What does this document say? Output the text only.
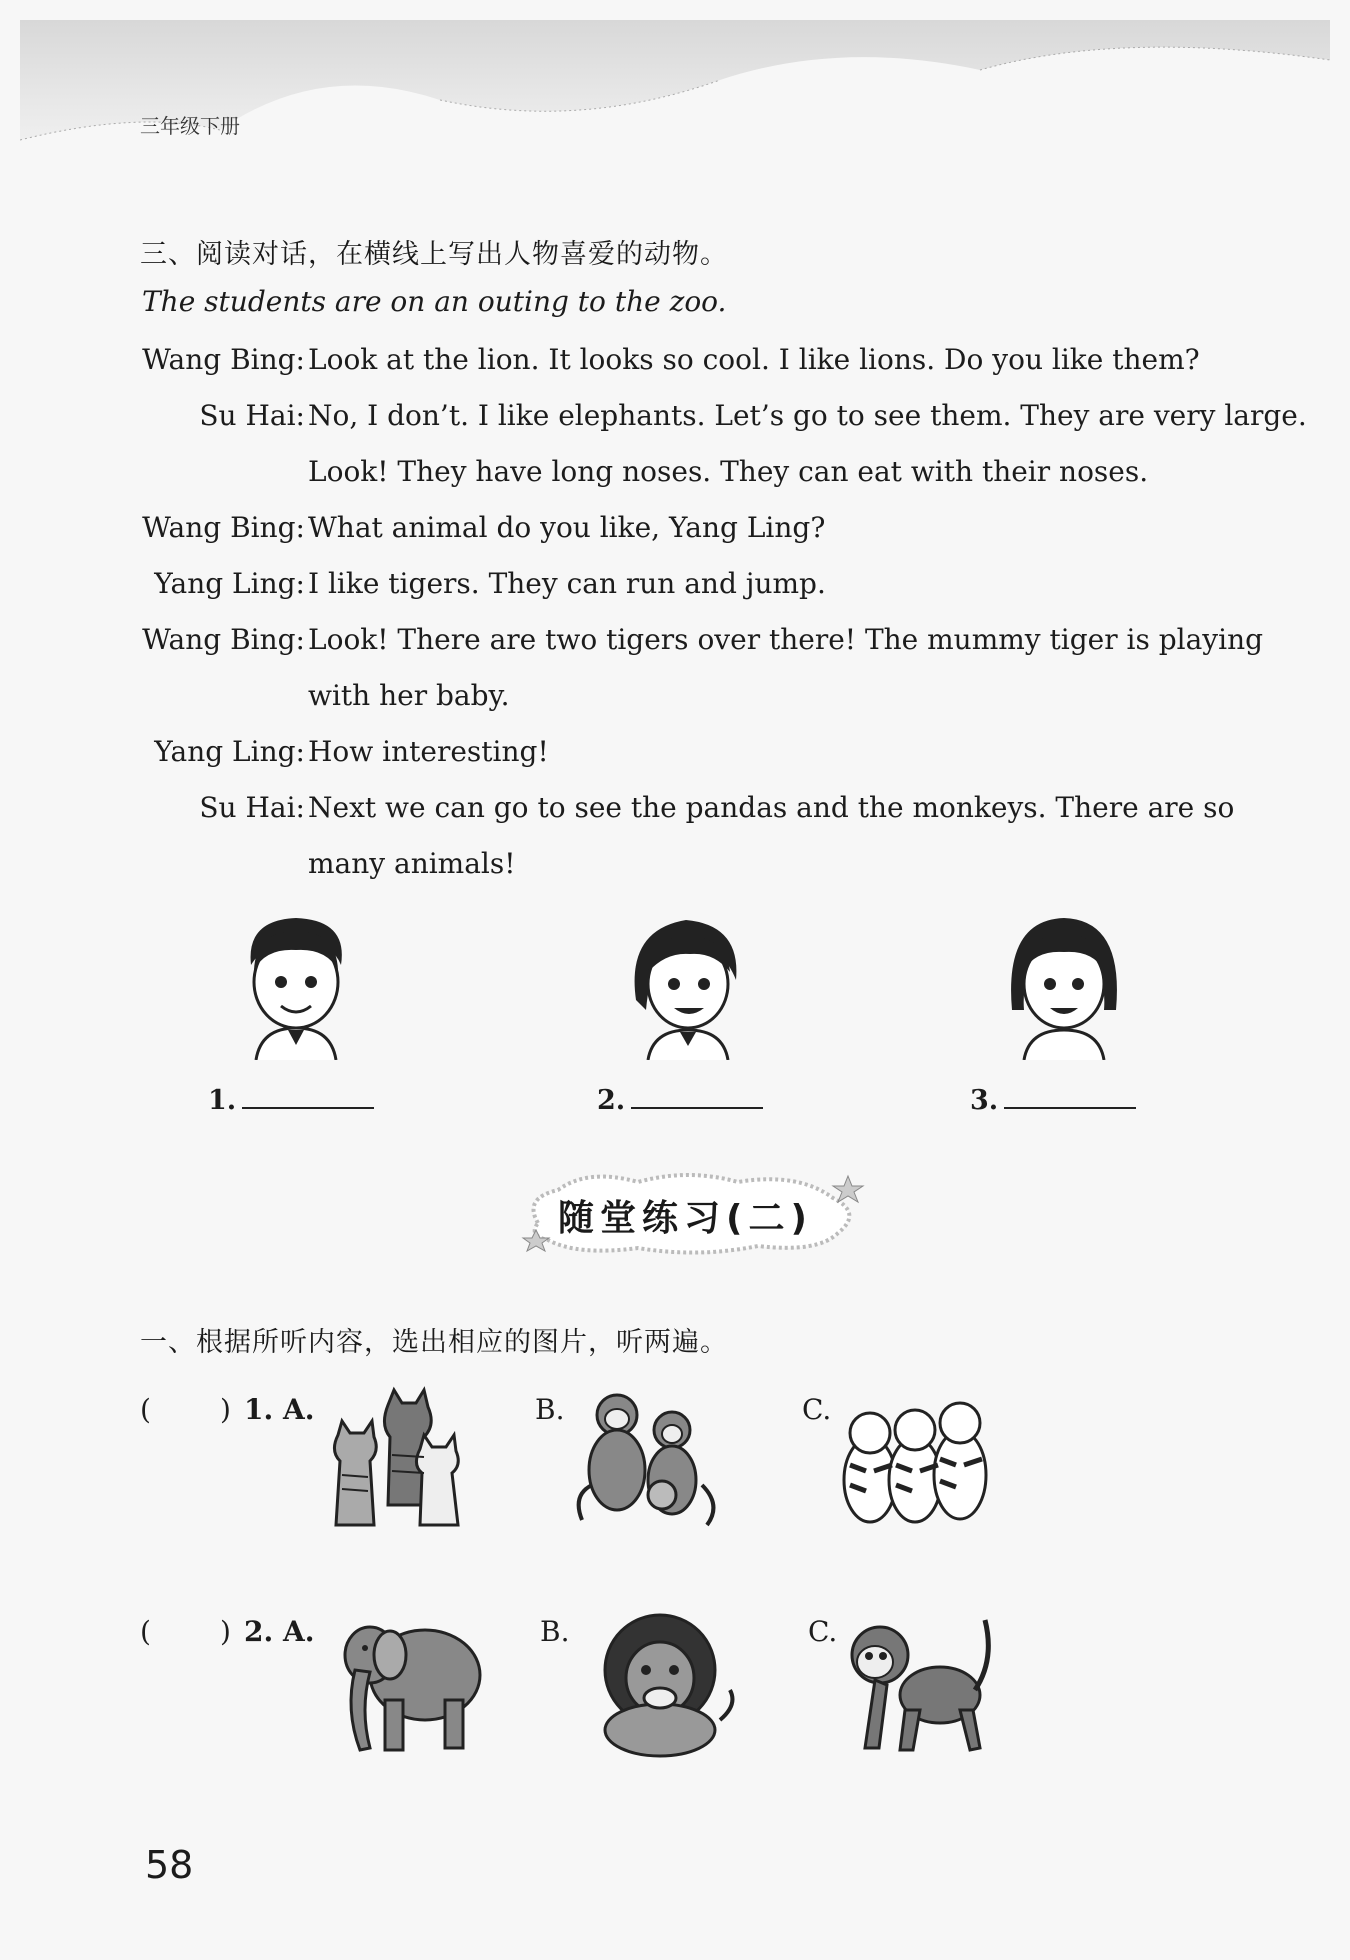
三年级下册
三、阅读对话，在横线上写出人物喜爱的动物。
The students are on an outing to the zoo.
Wang Bing: Look at the lion. It looks so cool. I like lions. Do you like them?
Su Hai: No, I don’t. I like elephants. Let’s go to see them. They are very large.
Look! They have long noses. They can eat with their noses.
Wang Bing: What animal do you like, Yang Ling?
Yang Ling: I like tigers. They can run and jump.
Wang Bing: Look! There are two tigers over there! The mummy tiger is playing
with her baby.
Yang Ling: How interesting!
Su Hai: Next we can go to see the pandas and the monkeys. There are so
many animals!
1.	2.	3.
随堂练习(二)
一、根据所听内容，选出相应的图片，听两遍。
( ) 1. A.	B.	C.
( ) 2. A.	B.	C.
58
